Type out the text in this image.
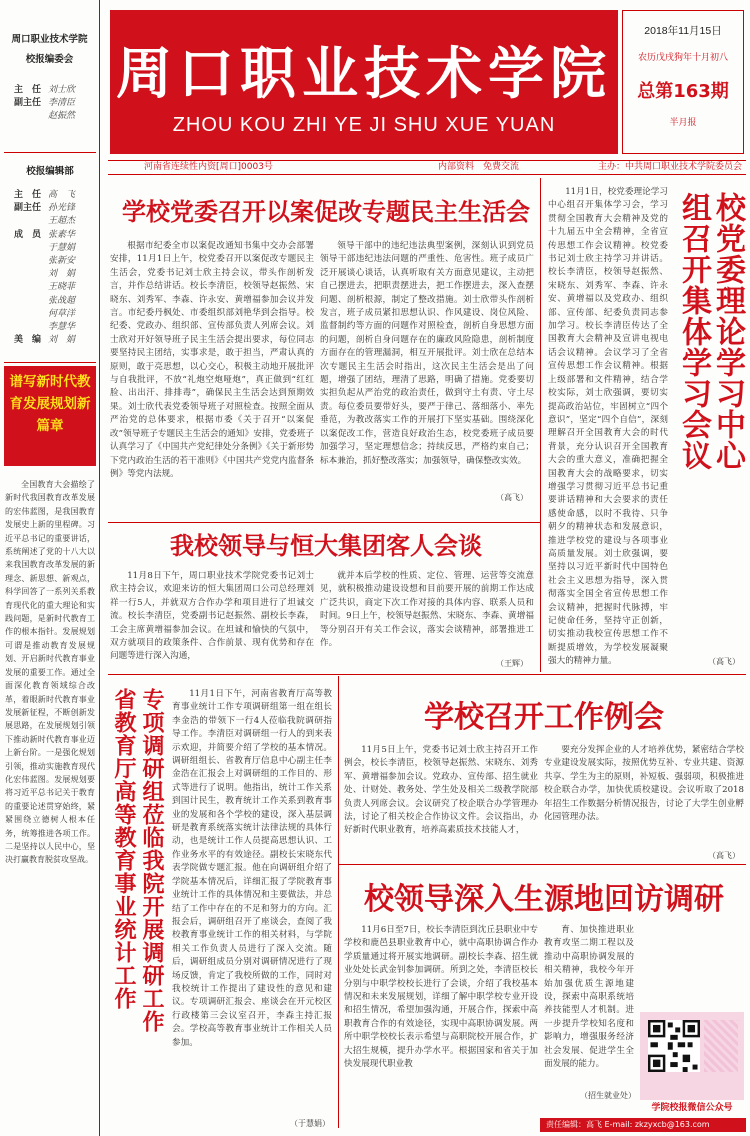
周口职业技术学院
校报编委会
主　任 刘士欣
副主任 李清臣
赵振然
校报编辑部
主　任 高　飞
副主任 孙光锋
王超杰
成　员 张素华
于慧娟
张新安
刘　娟
王晓菲
张战超
何草洋
李慧华
美　编 刘　娟
谱写新时代教育发展规划新篇章
全国教育大会描绘了新时代我国教育改革发展的宏伟蓝图，是我国教育发展史上新的里程碑。习近平总书记的重要讲话，系统阐述了党的十八大以来我国教育改革发展的新理念、新思想、新观点，科学回答了一系列关系教育现代化的重大理论和实践问题，是新时代教育工作的根本指针。发展规划可谓是推动教育发展规划、开启新时代教育事业发展的重要工作。通过全面深化教育领域综合改革，着眼新时代教育事业发展新征程，不断创新发展思路，在发展规划引领下推动新时代教育事业迈上新台阶。一是强化规划引领，推动实施教育现代化宏伟蓝图。发展规划要将习近平总书记关于教育的重要论述贯穿始终，紧紧围绕立德树人根本任务，统筹推进各项工作。二是坚持以人民中心，坚决打赢教育脱贫攻坚战。
周口职业技术学院
ZHOU KOU ZHI YE JI SHU XUE YUAN
2018年11月15日
农历戊戌狗年十月初八
总第163期
半月报
河南省连续性内资[周口]0003号	内部资料　免费交流	主办：中共周口职业技术学院委员会
学校党委召开以案促改专题民主生活会
根据市纪委全市以案促改通知书集中交办会部署安排，11月1日上午，校党委召开以案促改专题民主生活会，党委书记刘士欣主持会议，带头作剖析发言，并作总结讲话。校长李清臣，校领导赵振然、宋晓东、刘秀军、李森、许永安、黄增福参加会议并发言。市纪委丹枫处、市委组织部刘艳华到会指导。校纪委、党政办、组织部、宣传部负责人列席会议。刘士欣对开好领导班子民主生活会提出要求，每位同志要坚持民主团结，实事求是，敢于担当，严肃认真的原则，敢于亮思想，以心交心，积极主动地开展批评与自我批评，不放“礼炮空炮哑炮”，真正做到“红红脸、出出汗、排排毒”，确保民主生活会达到预期效果。刘士欣代表党委领导班子对照检查。按照全面从严治党的总体要求，根据市委《关于召开“以案促改”领导班子专题民主生活会的通知》安排，党委班子认真学习了《中国共产党纪律处分条例》《关于新形势下党内政治生活的若干准则》《中国共产党党内监督条例》等党内法规。
领导干部中的违纪违法典型案例，深刻认识到党员领导干部违纪违法问题的严重性、危害性。班子成员广泛开展谈心谈话，认真听取有关方面意见建议，主动把自己摆进去，把职责摆进去，把工作摆进去，深入查摆问题、剖析根源，制定了整改措施。刘士欣带头作剖析发言，班子成员紧扣思想认识、作风建设、岗位风险、监督制约等方面的问题作对照检查，剖析自身思想方面的问题，剖析自身问题存在的廉政风险隐患，剖析制度方面存在的管理漏洞，相互开展批评。刘士欣在总结本次专题民主生活会时指出，这次民主生活会是出了问题，增强了团结，理清了思路，明确了措施。党委要切实担负起从严治党的政治责任，做到守土有责、守土尽责。每位委员要带好头，要严于律己、落细落小、率先垂范，为教改落实工作的开展打下坚实基础。围绕深化以案促改工作，营造良好政治生态，校党委班子成员要加强学习，坚定理想信念；持续反思，严格约束自己；标本兼治，抓好整改落实；加强领导，确保整改实效。
（高飞）
11月1日，校党委理论学习中心组召开集体学习会，学习贯彻全国教育大会精神及党的十九届五中全会精神，全省宣传思想工作会议精神。校党委书记刘士欣主持学习并讲话。校长李清臣，校领导赵振然、宋晓东、刘秀军、李森、许永安、黄增福以及党政办、组织部、宣传部、纪委负责同志参加学习。校长李清臣传达了全国教育大会精神及宣讲电视电话会议精神。会议学习了全省宣传思想工作会议精神。根据上级部署和文件精神，结合学校实际，刘士欣强调，要切实提高政治站位，牢固树立“四个意识”，坚定“四个自信”，深刻理解召开全国教育大会的时代背景，充分认识召开全国教育大会的重大意义，准确把握全国教育大会的战略要求，切实增强学习贯彻习近平总书记重要讲话精神和大会要求的责任感使命感，以时不我待、只争朝夕的精神状态和发展意识，推进学校党的建设与各项事业高质量发展。刘士欣强调，要坚持以习近平新时代中国特色社会主义思想为指导，深入贯彻落实全国全省宣传思想工作会议精神，把握时代脉搏，牢记使命任务，坚持守正创新，切实推动我校宣传思想工作不断提质增效，为学校发展凝聚强大的精神力量。
校党委理论学习中心组召开集体学习会议
（高飞）
我校领导与恒大集团客人会谈
11月8日下午，周口职业技术学院党委书记刘士欣主持会议，欢迎来访的恒大集团周口公司总经理刘祥一行5人，并就双方合作办学和项目进行了坦诚交流。校长李清臣，党委副书记赵振然、副校长李森，工会主席黄增福参加会议。在坦诚和愉快的气氛中，双方就项目的政策条件、合作前景、现有优势和存在问题等进行深入沟通，
就并本后学校的性质、定位、管理、运营等交流意见，就积极推动建设设想和目前要开展的前期工作达成广泛共识，商定下次工作对接的具体内容、联系人员和时间。9日上午，校领导赵振然、宋晓东、李森、黄增福等分别召开有关工作会议，落实会谈精神，部署推进工作。
（王辉）
省教育厅高等教育事业统计工作 专项调研组莅临我院开展调研工作	11月1日下午，河南省教育厅高等教育事业统计工作专项调研组第一组在组长李金浩的带领下一行4人莅临我院调研指导工作。李清臣对调研组一行人的到来表示欢迎，并简要介绍了学校的基本情况。调研组组长、省教育厅信息中心副主任李金浩在汇报会上对调研组的工作目的、形式等进行了说明。他指出，统计工作关系到国计民生，教育统计工作关系到教育事业的发展和各个学校的建设，深入基层调研是教育系统落实统计法律法规的具体行动，也是统计工作人员提高思想认识、工作业务水平的有效途径。副校长宋晓东代表学院做专题汇报。他在向调研组介绍了学院基本情况后，详细汇报了学院教育事业统计工作的具体情况和主要做法，并总结了工作中存在的不足和努力的方向。汇报会后，调研组召开了座谈会，查阅了我校教育事业统计工作的相关材料，与学院相关工作负责人员进行了深入交流。随后，调研组成员分别对调研情况进行了现场反馈，肯定了我校所做的工作，同时对我校统计工作提出了建设性的意见和建议。专项调研汇报会、座谈会在开元校区行政楼第三会议室召开，李森主持汇报会。学校高等教育事业统计工作相关人员参加。
（于慧娟）
学校召开工作例会
11月5日上午，党委书记刘士欣主持召开工作例会，校长李清臣，校领导赵振然、宋晓东、刘秀军、黄增福参加会议。党政办、宣传部、招生就业处、计财处、教务处、学生处及相关二级教学院部负责人列席会议。会议研究了校企联合办学管理办法，讨论了相关校企合作协议文件。会议指出，办好新时代职业教育，培养高素质技术技能人才，
要充分发挥企业的人才培养优势，紧密结合学校专业建设发展实际，按照优势互补、专业共建、资源共享、学生为主的原则，补短板、强弱项，积极推进校企联合办学，加快优质校建设。会议听取了2018年招生工作数据分析情况报告，讨论了大学生创业孵化园管理办法。
（高飞）
校领导深入生源地回访调研
11月6日至7日，校长李清臣到沈丘县职业中专学校和鹿邑县职业教育中心，就中高职协调合作办学质量通过将开展实地调研。副校长李森、招生就业处处长武金钊参加调研。所到之处，李清臣校长分别与中职学校校长进行了会谈，介绍了我校基本情况和未来发展规划，详细了解中职学校专业开设和招生情况，希望加强沟通，开展合作，探索中高职教育合作的有效途径，实现中高职协调发展。两所中职学校校长表示希望与高职院校开展合作，扩大招生规模，提升办学水平。根据国家和省关于加快发展现代职业教
育、加快推进职业教育攻坚二期工程以及推动中高职协调发展的相关精神，我校今年开始加强优质生源地建设，探索中高职系统培养技能型人才机制。进一步提升学校知名度和影响力，增强服务经济社会发展、促进学生全面发展的能力。
（招生就业处）
学院校报微信公众号
责任编辑：高飞 E-mail: zkzyxcb@163.com
